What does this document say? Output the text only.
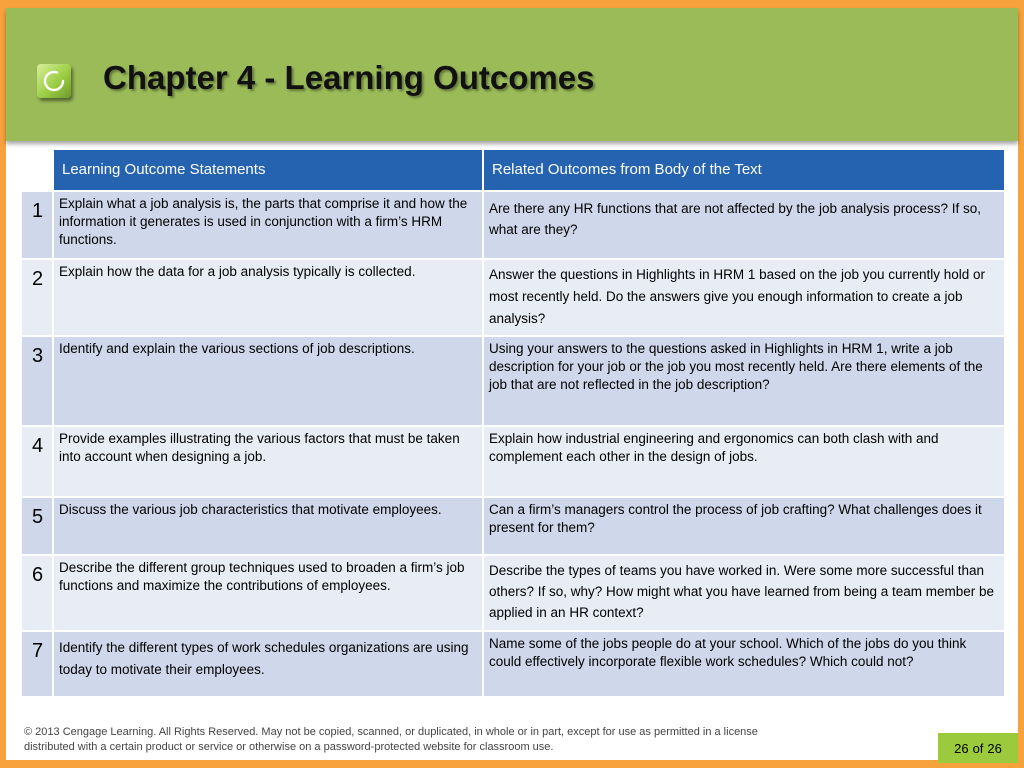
Chapter 4 - Learning Outcomes
	Learning Outcome Statements	Related Outcomes from Body of the Text
1	Explain what a job analysis is, the parts that comprise it and how the information it generates is used in conjunction with a firm’s HRM functions.	Are there any HR functions that are not affected by the job analysis process? If so, what are they?
2	Explain how the data for a job analysis typically is collected.	Answer the questions in Highlights in HRM 1 based on the job you currently hold or most recently held. Do the answers give you enough information to create a job analysis?
3	Identify and explain the various sections of job descriptions.	Using your answers to the questions asked in Highlights in HRM 1, write a job description for your job or the job you most recently held. Are there elements of the job that are not reflected in the job description?
4	Provide examples illustrating the various factors that must be taken into account when designing a job.	Explain how industrial engineering and ergonomics can both clash with and complement each other in the design of jobs.
5	Discuss the various job characteristics that motivate employees.	Can a firm’s managers control the process of job crafting? What challenges does it present for them?
6	Describe the different group techniques used to broaden a firm’s job functions and maximize the contributions of employees.	Describe the types of teams you have worked in. Were some more successful than others? If so, why? How might what you have learned from being a team member be applied in an HR context?
7	Identify the different types of work schedules organizations are using today to motivate their employees.	Name some of the jobs people do at your school. Which of the jobs do you think could effectively incorporate flexible work schedules? Which could not?
© 2013 Cengage Learning. All Rights Reserved. May not be copied, scanned, or duplicated, in whole or in part, except for use as permitted in a license distributed with a certain product or service or otherwise on a password-protected website for classroom use.	26 of 26
